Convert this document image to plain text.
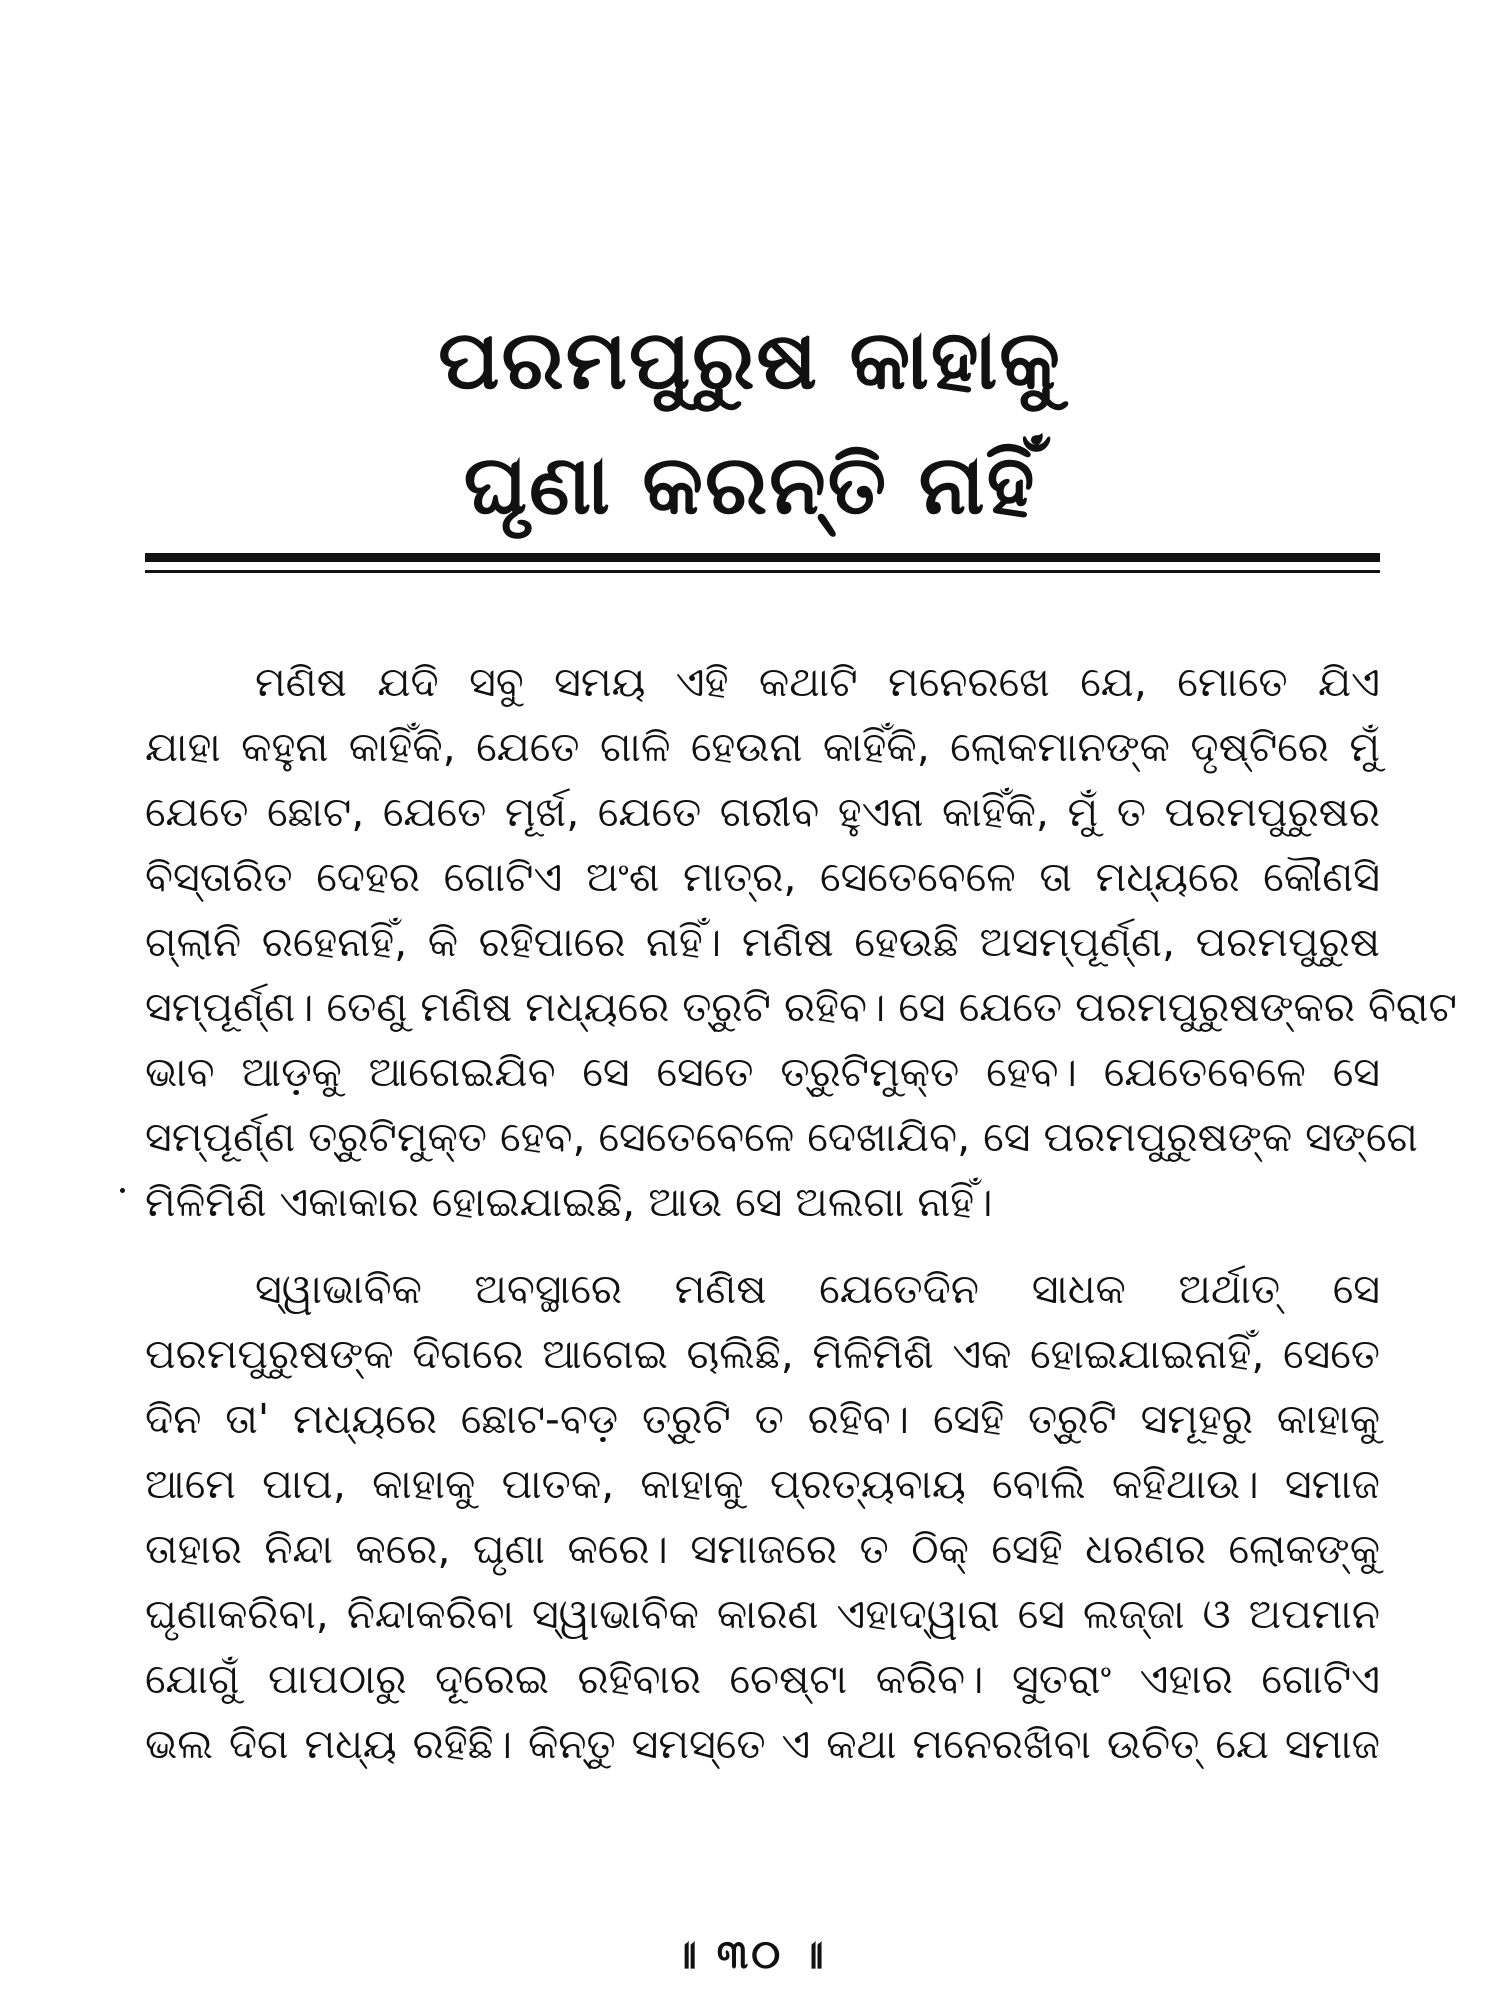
ପରମପୁରୁଷ କାହାକୁ
ଘୃଣା କରନ୍ତି ନାହିଁ

ମଣିଷ ଯଦି ସବୁ ସମୟ ଏହି କଥାଟି ମନେରଖେ ଯେ, ମୋତେ ଯିଏ
ଯାହା କହୁନା କାହିଁକି, ଯେତେ ଗାଳି ହେଉନା କାହିଁକି, ଲୋକମାନଙ୍କ ଦୃଷ୍ଟିରେ ମୁଁ
ଯେତେ ଛୋଟ, ଯେତେ ମୂର୍ଖ, ଯେତେ ଗରୀବ ହୁଏନା କାହିଁକି, ମୁଁ ତ ପରମପୁରୁଷର
ବିସ୍ତାରିତ ଦେହର ଗୋଟିଏ ଅଂଶ ମାତ୍ର, ସେତେବେଳେ ତା ମଧ୍ୟରେ କୌଣସି
ଗ୍ଲାନି ରହେନାହିଁ, କି ରହିପାରେ ନାହିଁ। ମଣିଷ ହେଉଛି ଅସମ୍ପୂର୍ଣ୍ଣ, ପରମପୁରୁଷ
ସମ୍ପୂର୍ଣ୍ଣ। ତେଣୁ ମଣିଷ ମଧ୍ୟରେ ତ୍ରୁଟି ରହିବ। ସେ ଯେତେ ପରମପୁରୁଷଙ୍କର ବିରାଟ
ଭାବ ଆଡ଼କୁ ଆଗେଇଯିବ ସେ ସେତେ ତ୍ରୁଟିମୁକ୍ତ ହେବ। ଯେତେବେଳେ ସେ
ସମ୍ପୂର୍ଣ୍ଣ ତ୍ରୁଟିମୁକ୍ତ ହେବ, ସେତେବେଳେ ଦେଖାଯିବ, ସେ ପରମପୁରୁଷଙ୍କ ସଙ୍ଗେ
ମିଳିମିଶି ଏକାକାର ହୋଇଯାଇଛି, ଆଉ ସେ ଅଲଗା ନାହିଁ।

ସ୍ୱାଭାବିକ ଅବସ୍ଥାରେ ମଣିଷ ଯେତେଦିନ ସାଧକ ଅର୍ଥାତ୍ ସେ
ପରମପୁରୁଷଙ୍କ ଦିଗରେ ଆଗେଇ ଚାଲିଛି, ମିଳିମିଶି ଏକ ହୋଇଯାଇନାହିଁ, ସେତେ
ଦିନ ତା' ମଧ୍ୟରେ ଛୋଟ-ବଡ଼ ତ୍ରୁଟି ତ ରହିବ। ସେହି ତ୍ରୁଟି ସମୂହରୁ କାହାକୁ
ଆମେ ପାପ, କାହାକୁ ପାତକ, କାହାକୁ ପ୍ରତ୍ୟବାୟ ବୋଲି କହିଥାଉ। ସମାଜ
ତାହାର ନିନ୍ଦା କରେ, ଘୃଣା କରେ। ସମାଜରେ ତ ଠିକ୍ ସେହି ଧରଣର ଲୋକଙ୍କୁ
ଘୃଣାକରିବା, ନିନ୍ଦାକରିବା ସ୍ୱାଭାବିକ କାରଣ ଏହାଦ୍ୱାରା ସେ ଲଜ୍ଜା ଓ ଅପମାନ
ଯୋଗୁଁ ପାପଠାରୁ ଦୂରେଇ ରହିବାର ଚେଷ୍ଟା କରିବ। ସୁତରାଂ ଏହାର ଗୋଟିଏ
ଭଲ ଦିଗ ମଧ୍ୟ ରହିଛି। କିନ୍ତୁ ସମସ୍ତେ ଏ କଥା ମନେରଖିବା ଉଚିତ୍ ଯେ ସମାଜ

॥ ୩୦ ॥
